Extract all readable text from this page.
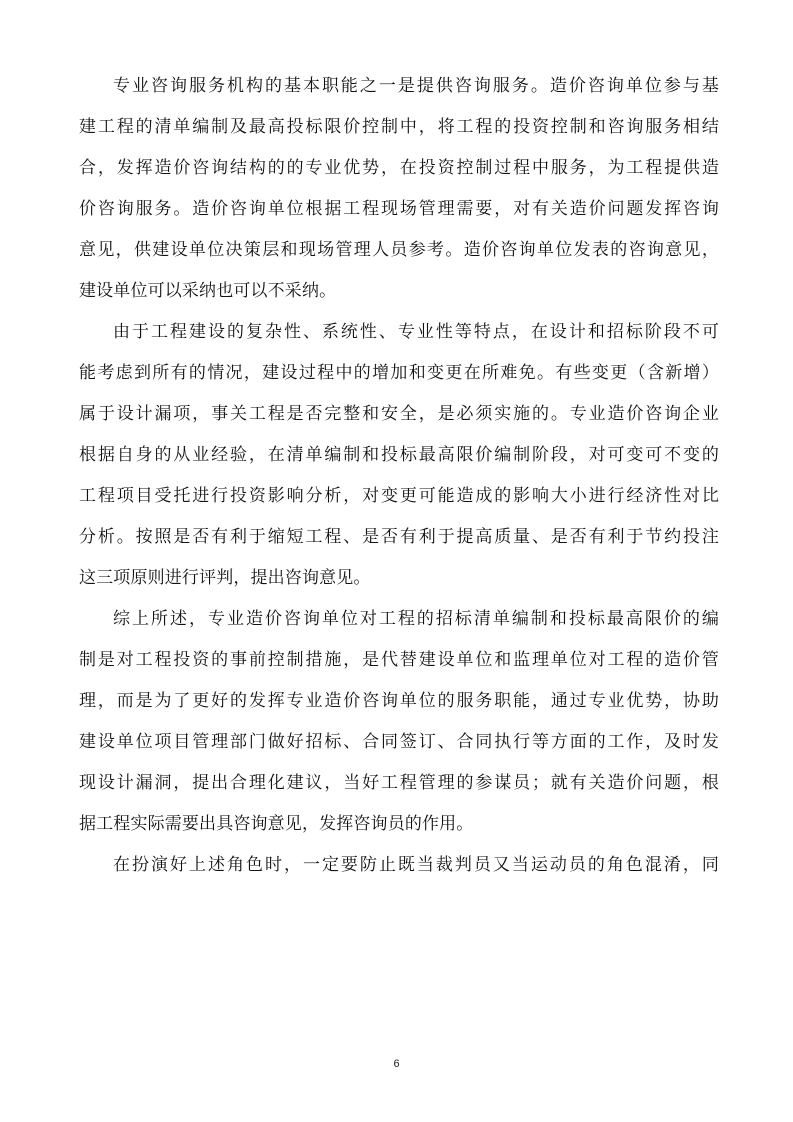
专业咨询服务机构的基本职能之一是提供咨询服务。造价咨询单位参与基
建工程的清单编制及最高投标限价控制中，将工程的投资控制和咨询服务相结
合，发挥造价咨询结构的的专业优势，在投资控制过程中服务，为工程提供造
价咨询服务。造价咨询单位根据工程现场管理需要，对有关造价问题发挥咨询
意见，供建设单位决策层和现场管理人员参考。造价咨询单位发表的咨询意见，
建设单位可以采纳也可以不采纳。
由于工程建设的复杂性、系统性、专业性等特点，在设计和招标阶段不可
能考虑到所有的情况，建设过程中的增加和变更在所难免。有些变更（含新增）
属于设计漏项，事关工程是否完整和安全，是必须实施的。专业造价咨询企业
根据自身的从业经验，在清单编制和投标最高限价编制阶段，对可变可不变的
工程项目受托进行投资影响分析，对变更可能造成的影响大小进行经济性对比
分析。按照是否有利于缩短工程、是否有利于提高质量、是否有利于节约投注
这三项原则进行评判，提出咨询意见。
综上所述，专业造价咨询单位对工程的招标清单编制和投标最高限价的编
制是对工程投资的事前控制措施，是代替建设单位和监理单位对工程的造价管
理，而是为了更好的发挥专业造价咨询单位的服务职能，通过专业优势，协助
建设单位项目管理部门做好招标、合同签订、合同执行等方面的工作，及时发
现设计漏洞，提出合理化建议，当好工程管理的参谋员；就有关造价问题，根
据工程实际需要出具咨询意见，发挥咨询员的作用。
在扮演好上述角色时，一定要防止既当裁判员又当运动员的角色混淆，同
6
